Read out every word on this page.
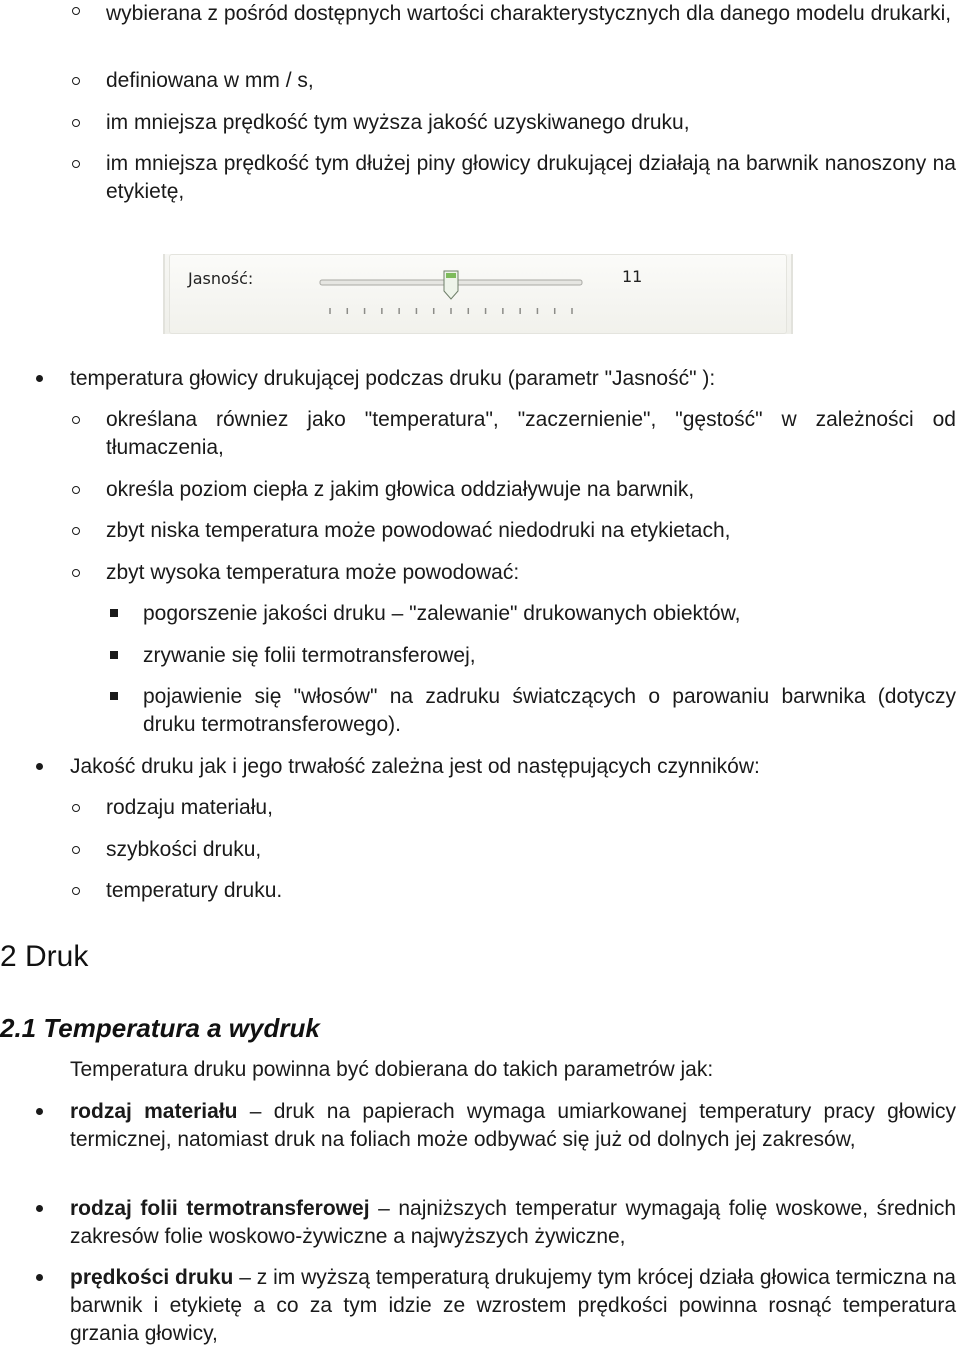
wybierana z pośród dostępnych wartości charakterystycznych dla danego modelu drukarki,

definiowana w mm / s,

im mniejsza prędkość tym wyższa jakość uzyskiwanego druku,

im mniejsza prędkość tym dłużej piny głowicy drukującej działają na barwnik nanoszony na etykietę,

Jasność:	11

temperatura głowicy drukującej podczas druku (parametr "Jasność" ):

określana równiez jako "temperatura", "zaczernienie", "gęstość" w zależności od tłumaczenia,

określa poziom ciepła z jakim głowica oddziaływuje na barwnik,

zbyt niska temperatura może powodować niedodruki na etykietach,

zbyt wysoka temperatura może powodować:

pogorszenie jakości druku – "zalewanie" drukowanych obiektów,

zrywanie się folii termotransferowej,

pojawienie się "włosów" na zadruku światczących o parowaniu barwnika (dotyczy druku termotransferowego).

Jakość druku jak i jego trwałość zależna jest od następujących czynników:

rodzaju materiału,

szybkości druku,

temperatury druku.

2 Druk
2.1 Temperatura a wydruk

Temperatura druku powinna być dobierana do takich parametrów jak:

rodzaj materiału – druk na papierach wymaga umiarkowanej temperatury pracy głowicy termicznej, natomiast druk na foliach może odbywać się już od dolnych jej zakresów,

rodzaj folii termotransferowej – najniższych temperatur wymagają folię woskowe, średnich zakresów folie woskowo-żywiczne a najwyższych żywiczne,

prędkości druku – z im wyższą temperaturą drukujemy tym krócej działa głowica termiczna na barwnik i etykietę a co za tym idzie ze wzrostem prędkości powinna rosnąć temperatura grzania głowicy,
